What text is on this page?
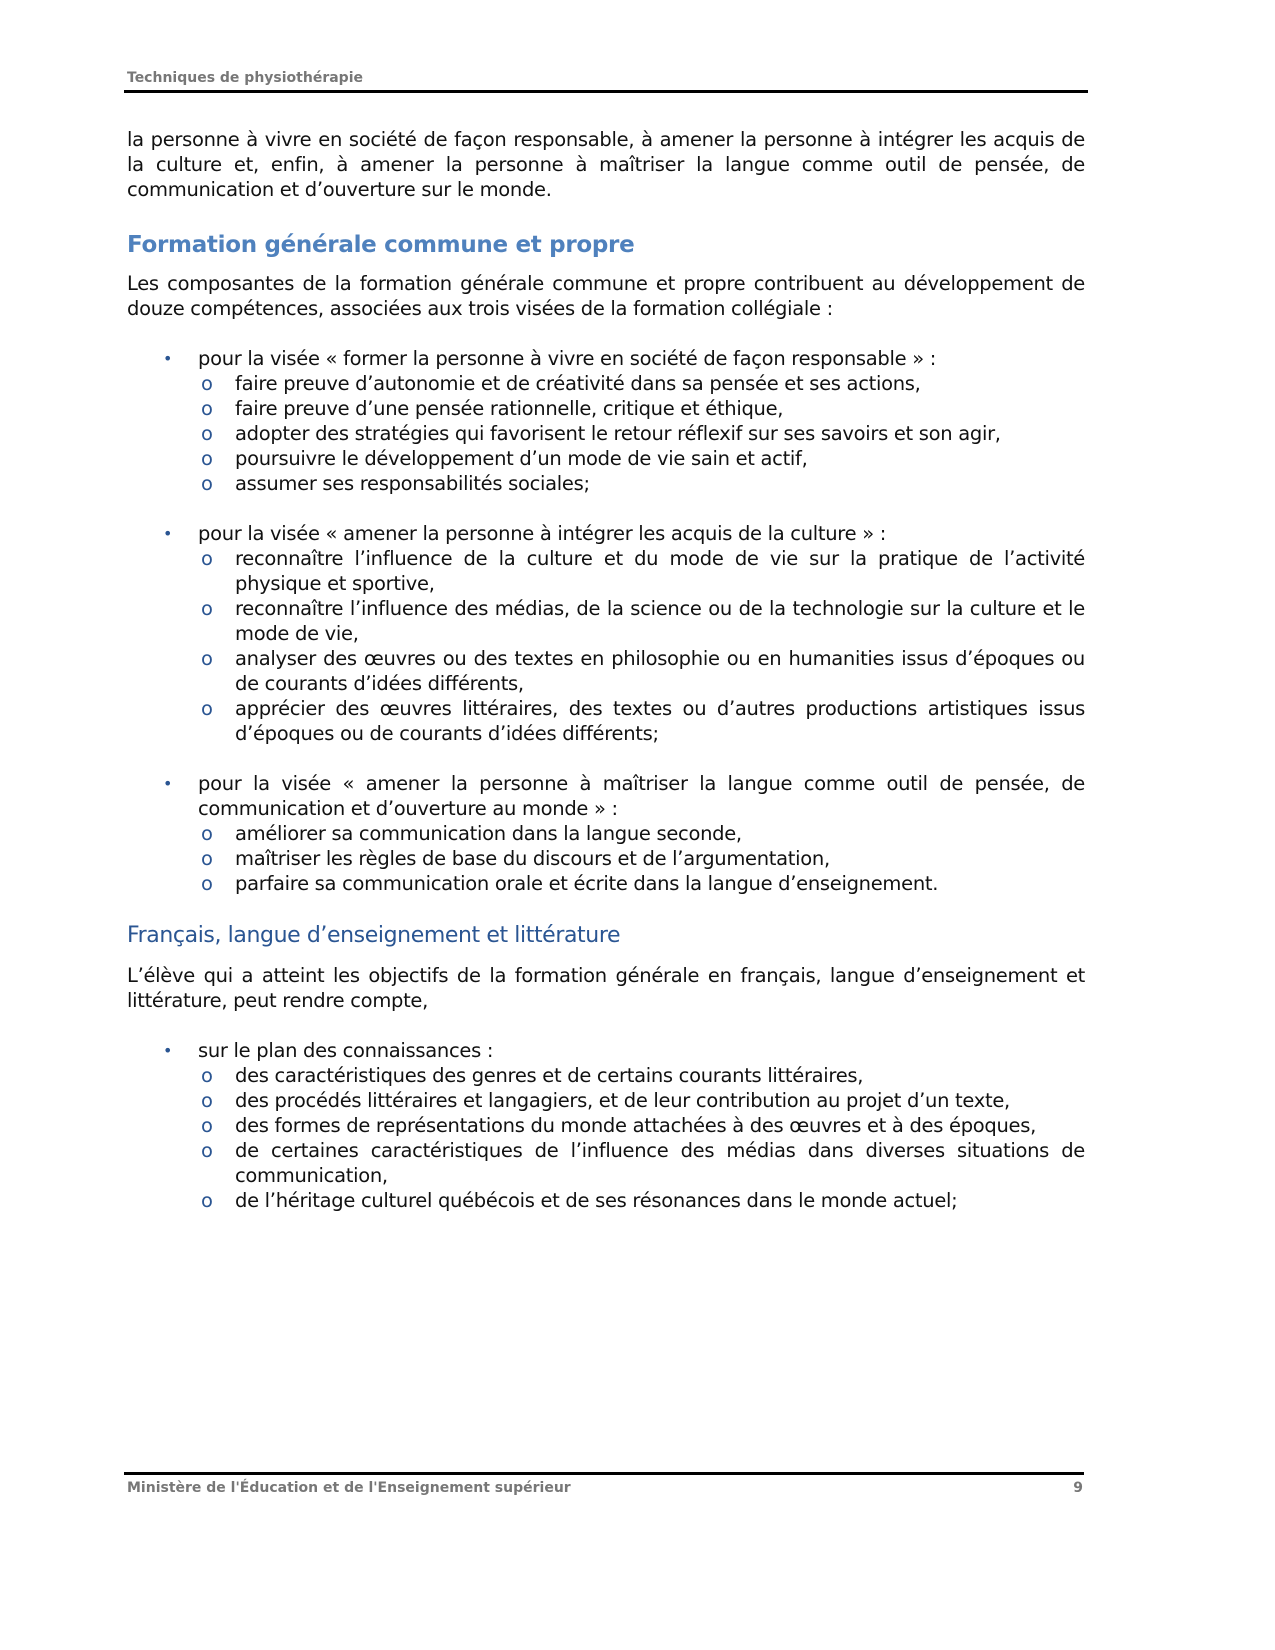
Techniques de physiothérapie

la personne à vivre en société de façon responsable, à amener la personne à intégrer les acquis de la culture et, enfin, à amener la personne à maîtriser la langue comme outil de pensée, de communication et d’ouverture sur le monde.

Formation générale commune et propre

Les composantes de la formation générale commune et propre contribuent au développement de douze compétences, associées aux trois visées de la formation collégiale :

• pour la visée « former la personne à vivre en société de façon responsable » :
o faire preuve d’autonomie et de créativité dans sa pensée et ses actions,
o faire preuve d’une pensée rationnelle, critique et éthique,
o adopter des stratégies qui favorisent le retour réflexif sur ses savoirs et son agir,
o poursuivre le développement d’un mode de vie sain et actif,
o assumer ses responsabilités sociales;
• pour la visée « amener la personne à intégrer les acquis de la culture » :
o reconnaître l’influence de la culture et du mode de vie sur la pratique de l’activité physique et sportive,
o reconnaître l’influence des médias, de la science ou de la technologie sur la culture et le mode de vie,
o analyser des œuvres ou des textes en philosophie ou en humanities issus d’époques ou de courants d’idées différents,
o apprécier des œuvres littéraires, des textes ou d’autres productions artistiques issus d’époques ou de courants d’idées différents;
• pour la visée « amener la personne à maîtriser la langue comme outil de pensée, de communication et d’ouverture au monde » :
o améliorer sa communication dans la langue seconde,
o maîtriser les règles de base du discours et de l’argumentation,
o parfaire sa communication orale et écrite dans la langue d’enseignement.
Français, langue d’enseignement et littérature

L’élève qui a atteint les objectifs de la formation générale en français, langue d’enseignement et littérature, peut rendre compte,

• sur le plan des connaissances :
o des caractéristiques des genres et de certains courants littéraires,
o des procédés littéraires et langagiers, et de leur contribution au projet d’un texte,
o des formes de représentations du monde attachées à des œuvres et à des époques,
o de certaines caractéristiques de l’influence des médias dans diverses situations de communication,
o de l’héritage culturel québécois et de ses résonances dans le monde actuel;
Ministère de l'Éducation et de l'Enseignement supérieur	9
